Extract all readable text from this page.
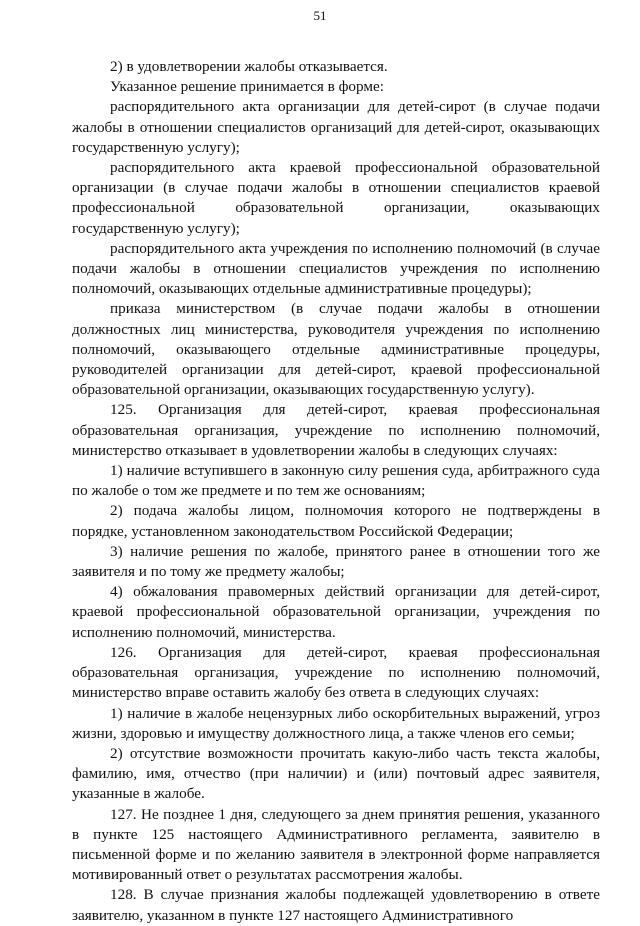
51

2) в удовлетворении жалобы отказывается.

Указанное решение принимается в форме:

распорядительного акта организации для детей-сирот (в случае подачи жалобы в отношении специалистов организаций для детей-сирот, оказывающих государственную услугу);

распорядительного акта краевой профессиональной образовательной организации (в случае подачи жалобы в отношении специалистов краевой профессиональной образовательной организации, оказывающих государственную услугу);

распорядительного акта учреждения по исполнению полномочий (в случае подачи жалобы в отношении специалистов учреждения по исполнению полномочий, оказывающих отдельные административные процедуры);

приказа министерством (в случае подачи жалобы в отношении должностных лиц министерства, руководителя учреждения по исполнению полномочий, оказывающего отдельные административные процедуры, руководителей организации для детей-сирот, краевой профессиональной образовательной организации, оказывающих государственную услугу).

125. Организация для детей-сирот, краевая профессиональная образовательная организация, учреждение по исполнению полномочий, министерство отказывает в удовлетворении жалобы в следующих случаях:

1) наличие вступившего в законную силу решения суда, арбитражного суда по жалобе о том же предмете и по тем же основаниям;

2) подача жалобы лицом, полномочия которого не подтверждены в порядке, установленном законодательством Российской Федерации;

3) наличие решения по жалобе, принятого ранее в отношении того же заявителя и по тому же предмету жалобы;

4) обжалования правомерных действий организации для детей-сирот, краевой профессиональной образовательной организации, учреждения по исполнению полномочий, министерства.

126. Организация для детей-сирот, краевая профессиональная образовательная организация, учреждение по исполнению полномочий, министерство вправе оставить жалобу без ответа в следующих случаях:

1) наличие в жалобе нецензурных либо оскорбительных выражений, угроз жизни, здоровью и имуществу должностного лица, а также членов его семьи;

2) отсутствие возможности прочитать какую-либо часть текста жалобы, фамилию, имя, отчество (при наличии) и (или) почтовый адрес заявителя, указанные в жалобе.

127. Не позднее 1 дня, следующего за днем принятия решения, указанного в пункте 125 настоящего Административного регламента, заявителю в письменной форме и по желанию заявителя в электронной форме направляется мотивированный ответ о результатах рассмотрения жалобы.

128. В случае признания жалобы подлежащей удовлетворению в ответе заявителю, указанном в пункте 127 настоящего Административного
